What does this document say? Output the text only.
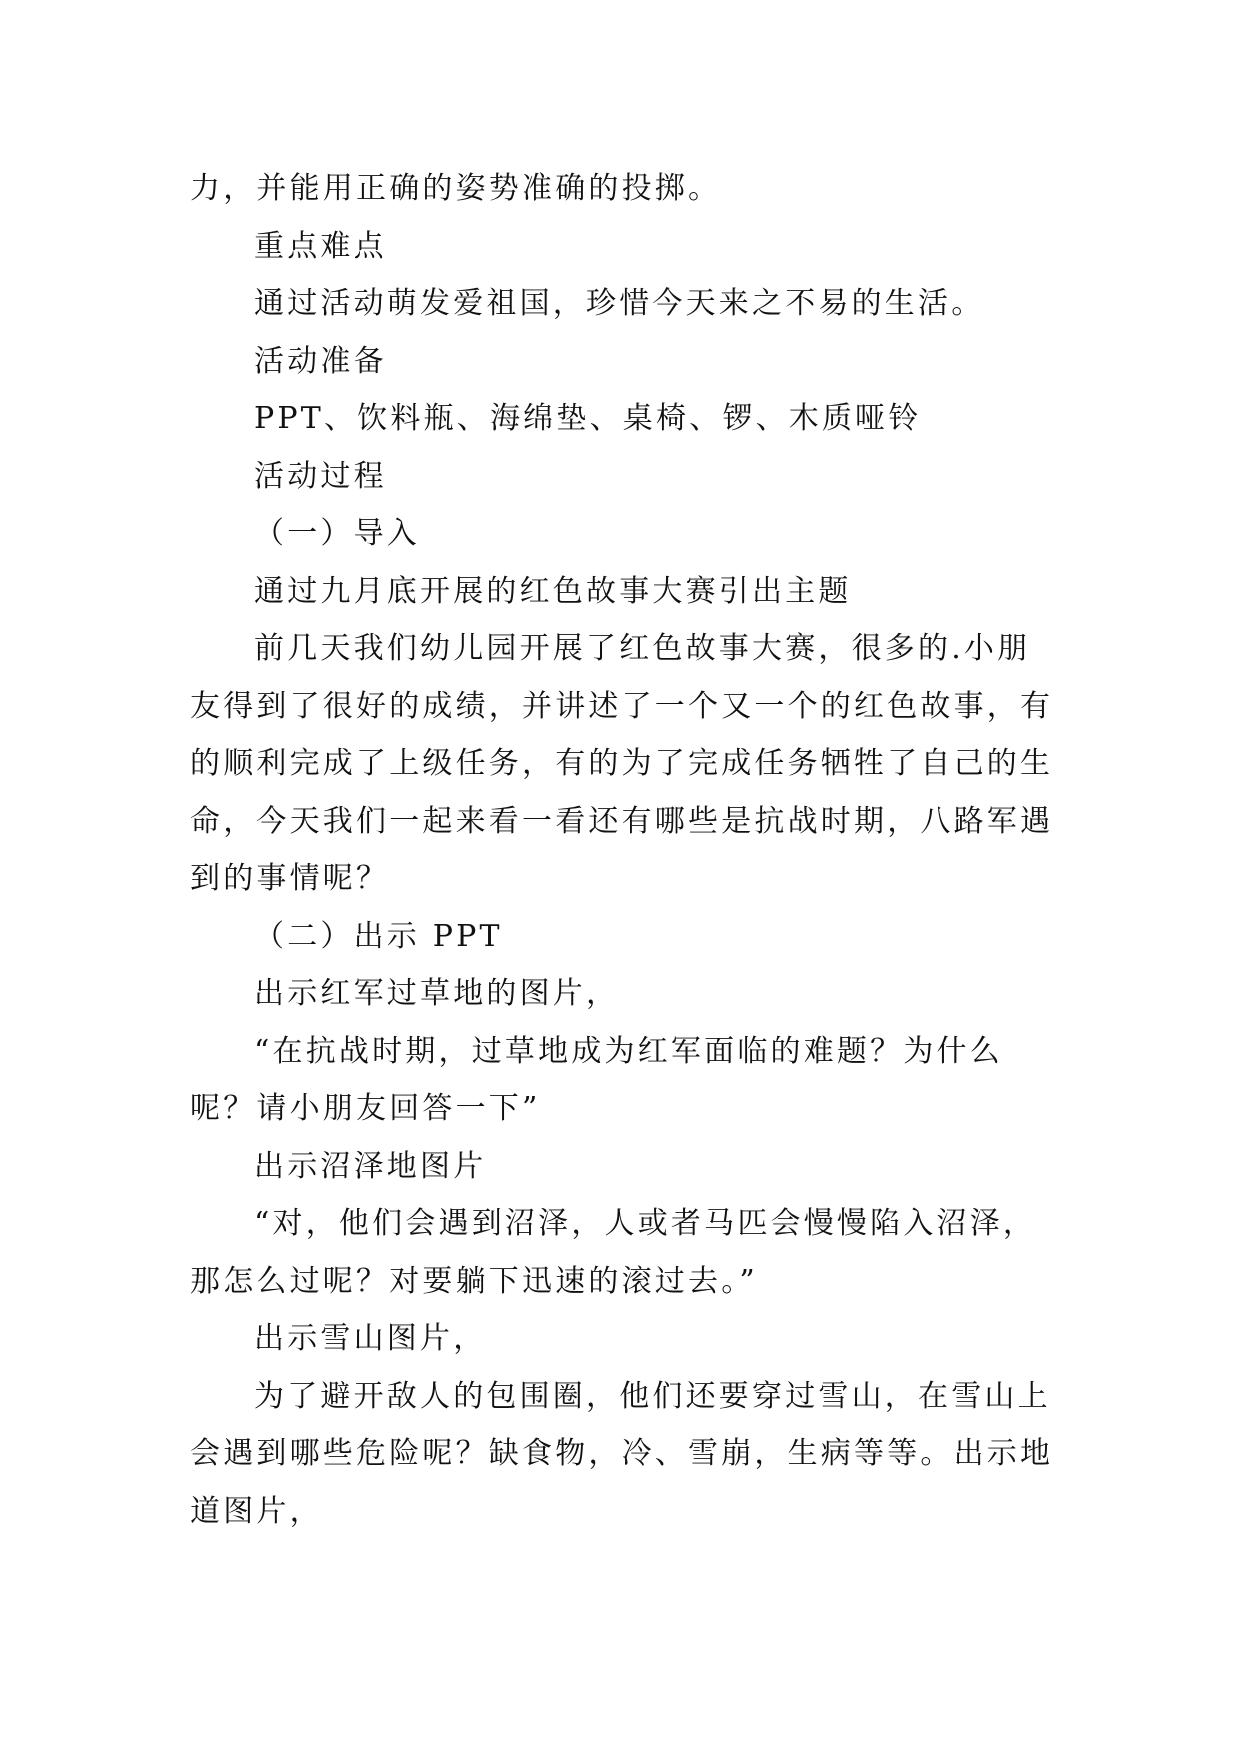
力，并能用正确的姿势准确的投掷。
重点难点
通过活动萌发爱祖国，珍惜今天来之不易的生活。
活动准备
PPT、饮料瓶、海绵垫、桌椅、锣、木质哑铃
活动过程
（一）导入
通过九月底开展的红色故事大赛引出主题
前几天我们幼儿园开展了红色故事大赛，很多的.小朋
友得到了很好的成绩，并讲述了一个又一个的红色故事，有
的顺利完成了上级任务，有的为了完成任务牺牲了自己的生
命，今天我们一起来看一看还有哪些是抗战时期，八路军遇
到的事情呢？
（二）出示 PPT
出示红军过草地的图片，
“在抗战时期，过草地成为红军面临的难题？为什么
呢？请小朋友回答一下”
出示沼泽地图片
“对，他们会遇到沼泽，人或者马匹会慢慢陷入沼泽，
那怎么过呢？对要躺下迅速的滚过去。”
出示雪山图片，
为了避开敌人的包围圈，他们还要穿过雪山，在雪山上
会遇到哪些危险呢？缺食物，冷、雪崩，生病等等。出示地
道图片，
